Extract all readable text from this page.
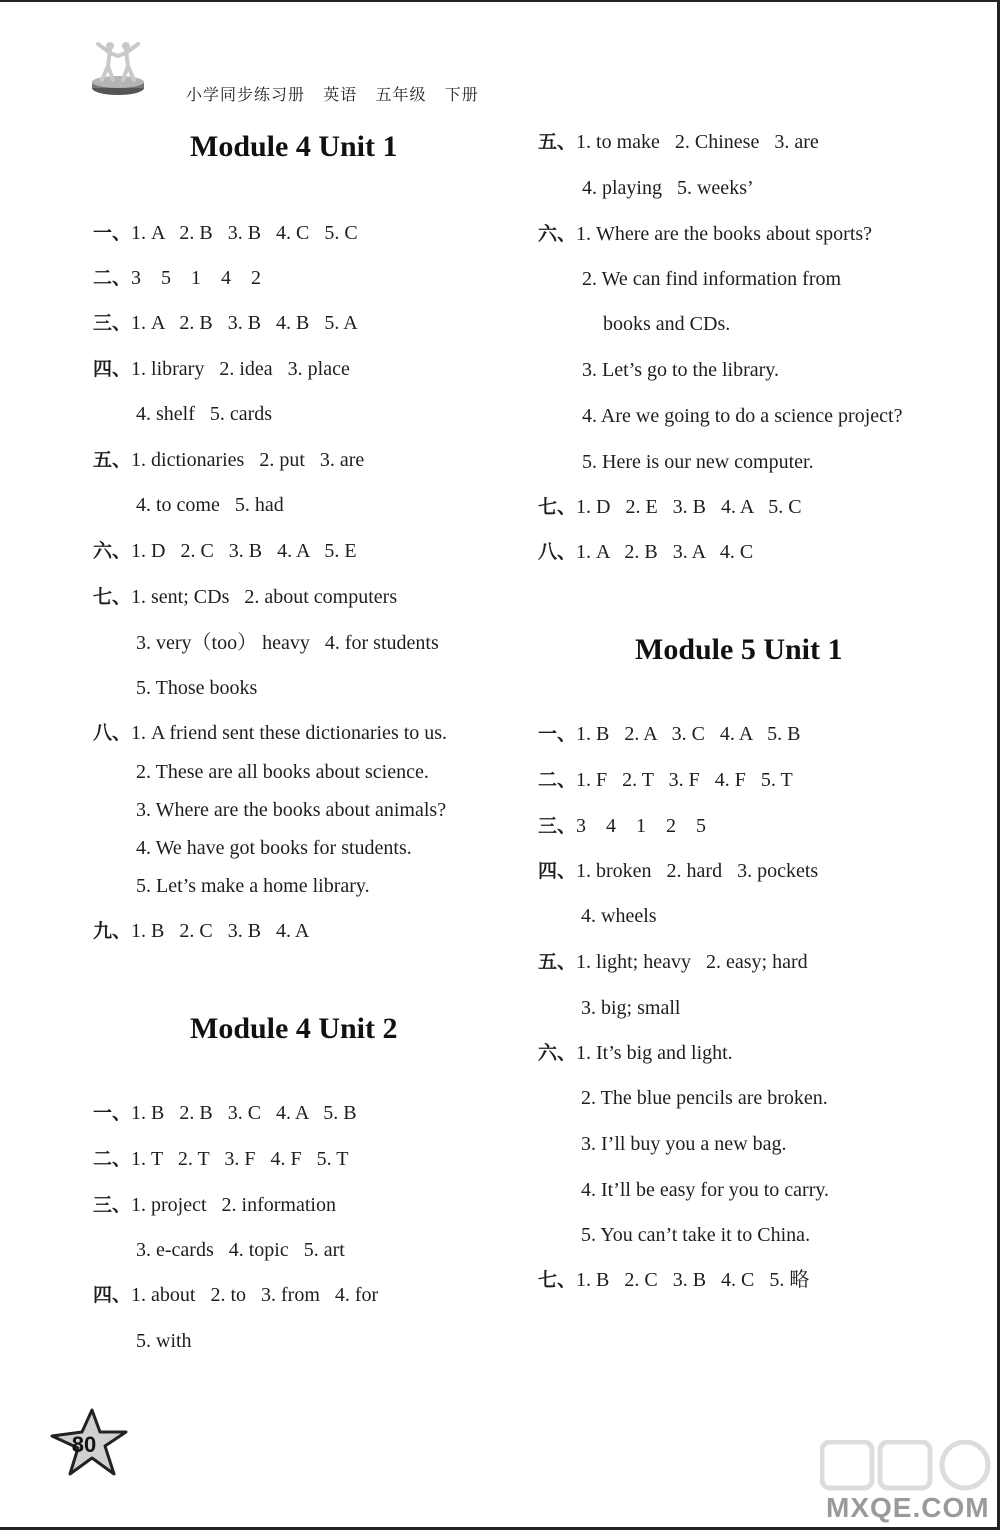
小学同步练习册   英语   五年级   下册
Module 4 Unit 1
一、1. A   2. B   3. B   4. C   5. C
二、3    5    1    4    2
三、1. A   2. B   3. B   4. B   5. A
四、1. library   2. idea   3. place
4. shelf   5. cards
五、1. dictionaries   2. put   3. are
4. to come   5. had
六、1. D   2. C   3. B   4. A   5. E
七、1. sent; CDs   2. about computers
3. very（too） heavy   4. for students
5. Those books
八、1. A friend sent these dictionaries to us.
2. These are all books about science.
3. Where are the books about animals?
4. We have got books for students.
5. Let’s make a home library.
九、1. B   2. C   3. B   4. A
Module 4 Unit 2
一、1. B   2. B   3. C   4. A   5. B
二、1. T   2. T   3. F   4. F   5. T
三、1. project   2. information
3. e-cards   4. topic   5. art
四、1. about   2. to   3. from   4. for
5. with
五、1. to make   2. Chinese   3. are
4. playing   5. weeks’
六、1. Where are the books about sports?
2. We can find information from
books and CDs.
3. Let’s go to the library.
4. Are we going to do a science project?
5. Here is our new computer.
七、1. D   2. E   3. B   4. A   5. C
八、1. A   2. B   3. A   4. C
Module 5 Unit 1
一、1. B   2. A   3. C   4. A   5. B
二、1. F   2. T   3. F   4. F   5. T
三、3    4    1    2    5
四、1. broken   2. hard   3. pockets
4. wheels
五、1. light; heavy   2. easy; hard
3. big; small
六、1. It’s big and light.
2. The blue pencils are broken.
3. I’ll buy you a new bag.
4. It’ll be easy for you to carry.
5. You can’t take it to China.
七、1. B   2. C   3. B   4. C   5. 略
80
MXQE.COM
